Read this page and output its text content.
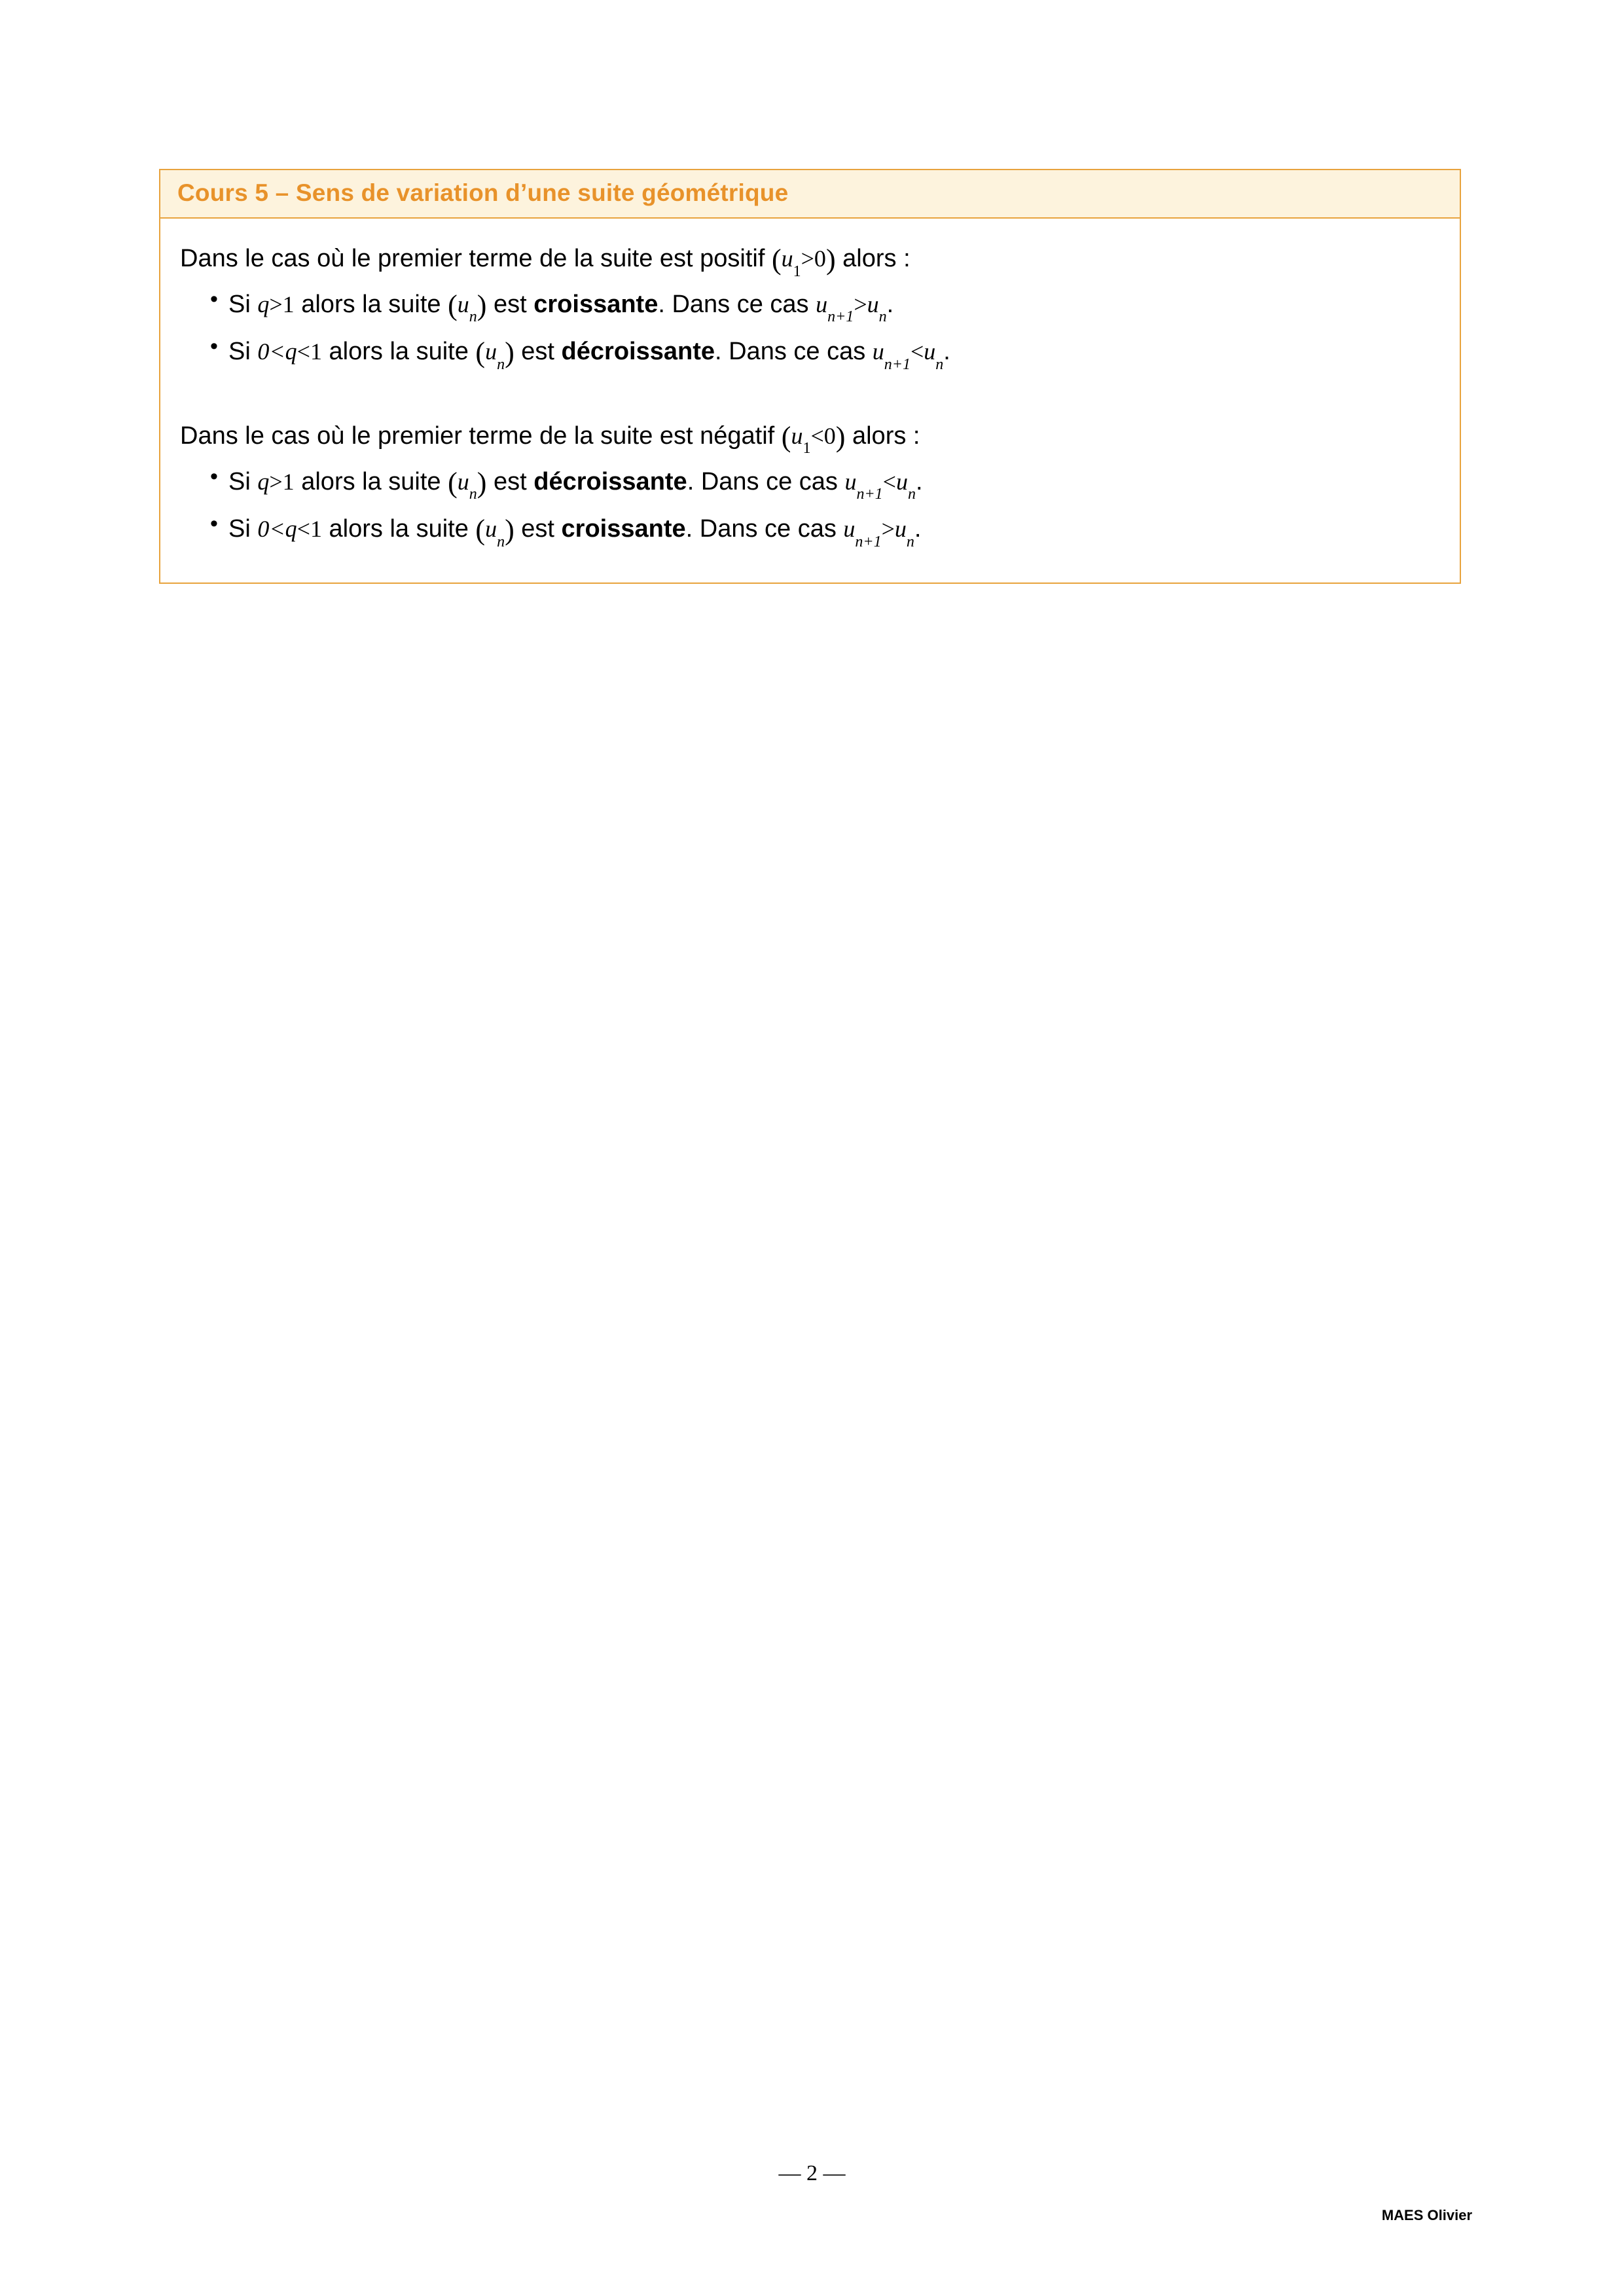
Cours 5 – Sens de variation d’une suite géométrique

Dans le cas où le premier terme de la suite est positif $(u_1>0)$ alors :

• Si q>1 alors la suite $(u_n)$ est croissante. Dans ce cas $u_{n+1}>u_n$.
• Si 0<q<1 alors la suite $(u_n)$ est décroissante. Dans ce cas $u_{n+1}<u_n$.

Dans le cas où le premier terme de la suite est négatif $(u_1<0)$ alors :

• Si q>1 alors la suite $(u_n)$ est décroissante. Dans ce cas $u_{n+1}<u_n$.
• Si 0<q<1 alors la suite $(u_n)$ est croissante. Dans ce cas $u_{n+1}>u_n$.
— 2 —
MAES Olivier
